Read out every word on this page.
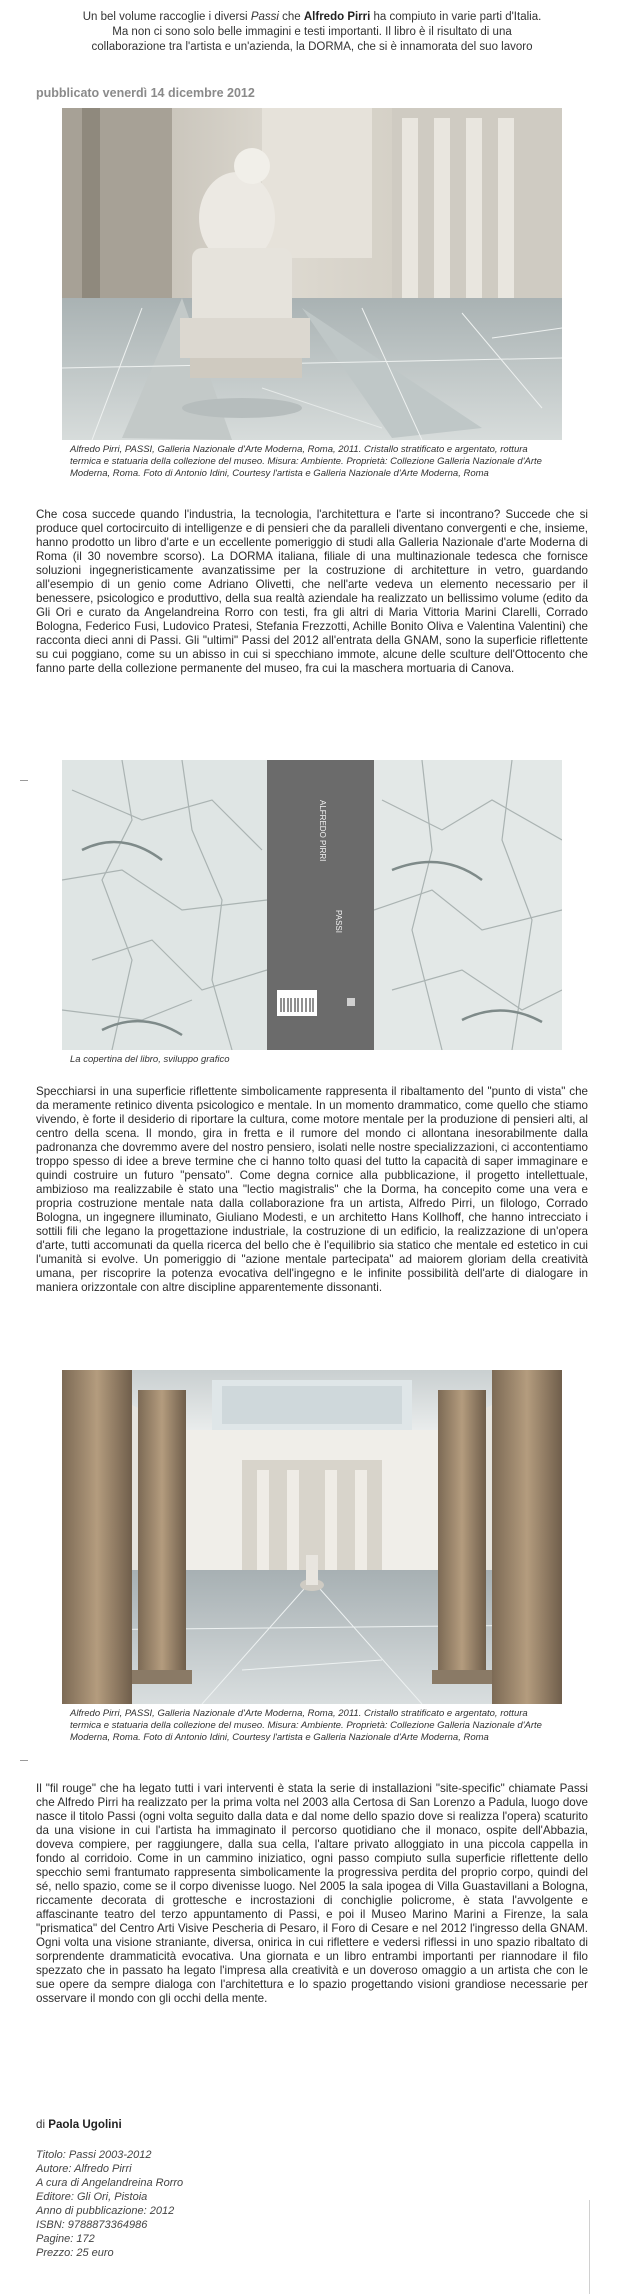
Un bel volume raccoglie i diversi Passi che Alfredo Pirri ha compiuto in varie parti d'Italia.
Ma non ci sono solo belle immagini e testi importanti. Il libro è il risultato di una
collaborazione tra l'artista e un'azienda, la DORMA, che si è innamorata del suo lavoro
pubblicato venerdì 14 dicembre 2012
Alfredo Pirri, PASSI, Galleria Nazionale d'Arte Moderna, Roma, 2011. Cristallo stratificato e argentato, rottura termica e statuaria della collezione del museo. Misura: Ambiente. Proprietà: Collezione Galleria Nazionale d'Arte Moderna, Roma. Foto di Antonio Idini, Courtesy l'artista e Galleria Nazionale d'Arte Moderna, Roma

Che cosa succede quando l'industria, la tecnologia, l'architettura e l'arte si incontrano? Succede che si produce quel cortocircuito di intelligenze e di pensieri che da paralleli diventano convergenti e che, insieme, hanno prodotto un libro d'arte e un eccellente pomeriggio di studi alla Galleria Nazionale d'arte Moderna di Roma (il 30 novembre scorso). La DORMA italiana, filiale di una multinazionale tedesca che fornisce soluzioni ingegneristicamente avanzatissime per la costruzione di architetture in vetro, guardando all'esempio di un genio come Adriano Olivetti, che nell'arte vedeva un elemento necessario per il benessere, psicologico e produttivo, della sua realtà aziendale ha realizzato un bellissimo volume (edito da Gli Ori e curato da Angelandreina Rorro con testi, fra gli altri di Maria Vittoria Marini Clarelli, Corrado Bologna, Federico Fusi, Ludovico Pratesi, Stefania Frezzotti, Achille Bonito Oliva e Valentina Valentini) che racconta dieci anni di Passi. Gli "ultimi" Passi del 2012 all'entrata della GNAM, sono la superficie riflettente su cui poggiano, come su un abisso in cui si specchiano immote, alcune delle sculture dell'Ottocento che fanno parte della collezione permanente del museo, fra cui la maschera mortuaria di Canova.

ALFREDO PIRRI
PASSI
La copertina del libro, sviluppo grafico

Specchiarsi in una superficie riflettente simbolicamente rappresenta il ribaltamento del "punto di vista" che da meramente retinico diventa psicologico e mentale. In un momento drammatico, come quello che stiamo vivendo, è forte il desiderio di riportare la cultura, come motore mentale per la produzione di pensieri alti, al centro della scena. Il mondo, gira in fretta e il rumore del mondo ci allontana inesorabilmente dalla padronanza che dovremmo avere del nostro pensiero, isolati nelle nostre specializzazioni, ci accontentiamo troppo spesso di idee a breve termine che ci hanno tolto quasi del tutto la capacità di saper immaginare e quindi costruire un futuro "pensato". Come degna cornice alla pubblicazione, il progetto intellettuale, ambizioso ma realizzabile è stato una "lectio magistralis" che la Dorma, ha concepito come una vera e propria costruzione mentale nata dalla collaborazione fra un artista, Alfredo Pirri, un filologo, Corrado Bologna, un ingegnere illuminato, Giuliano Modesti, e un architetto Hans Kollhoff, che hanno intrecciato i sottili fili che legano la progettazione industriale, la costruzione di un edificio, la realizzazione di un'opera d'arte, tutti accomunati da quella ricerca del bello che è l'equilibrio sia statico che mentale ed estetico in cui l'umanità si evolve. Un pomeriggio di "azione mentale partecipata" ad maiorem gloriam della creatività umana, per riscoprire la potenza evocativa dell'ingegno e le infinite possibilità dell'arte di dialogare in maniera orizzontale con altre discipline apparentemente dissonanti.

Alfredo Pirri, PASSI, Galleria Nazionale d'Arte Moderna, Roma, 2011. Cristallo stratificato e argentato, rottura termica e statuaria della collezione del museo. Misura: Ambiente. Proprietà: Collezione Galleria Nazionale d'Arte Moderna, Roma. Foto di Antonio Idini, Courtesy l'artista e Galleria Nazionale d'Arte Moderna, Roma

Il "fil rouge" che ha legato tutti i vari interventi è stata la serie di installazioni "site-specific" chiamate Passi che Alfredo Pirri ha realizzato per la prima volta nel 2003 alla Certosa di San Lorenzo a Padula, luogo dove nasce il titolo Passi (ogni volta seguito dalla data e dal nome dello spazio dove si realizza l'opera) scaturito da una visione in cui l'artista ha immaginato il percorso quotidiano che il monaco, ospite dell'Abbazia, doveva compiere, per raggiungere, dalla sua cella, l'altare privato alloggiato in una piccola cappella in fondo al corridoio. Come in un cammino iniziatico, ogni passo compiuto sulla superficie riflettente dello specchio semi frantumato rappresenta simbolicamente la progressiva perdita del proprio corpo, quindi del sé, nello spazio, come se il corpo divenisse luogo. Nel 2005 la sala ipogea di Villa Guastavillani a Bologna, riccamente decorata di grottesche e incrostazioni di conchiglie policrome, è stata l'avvolgente e affascinante teatro del terzo appuntamento di Passi, e poi il Museo Marino Marini a Firenze, la sala "prismatica" del Centro Arti Visive Pescheria di Pesaro, il Foro di Cesare e nel 2012 l'ingresso della GNAM. Ogni volta una visione straniante, diversa, onirica in cui riflettere e vedersi riflessi in uno spazio ribaltato di sorprendente drammaticità evocativa. Una giornata e un libro entrambi importanti per riannodare il filo spezzato che in passato ha legato l'impresa alla creatività e un doveroso omaggio a un artista che con le sue opere da sempre dialoga con l'architettura e lo spazio progettando visioni grandiose necessarie per osservare il mondo con gli occhi della mente.

di Paola Ugolini
Titolo: Passi 2003-2012
Autore: Alfredo Pirri
A cura di Angelandreina Rorro
Editore: Gli Ori, Pistoia
Anno di pubblicazione: 2012
ISBN: 9788873364986
Pagine: 172
Prezzo: 25 euro
